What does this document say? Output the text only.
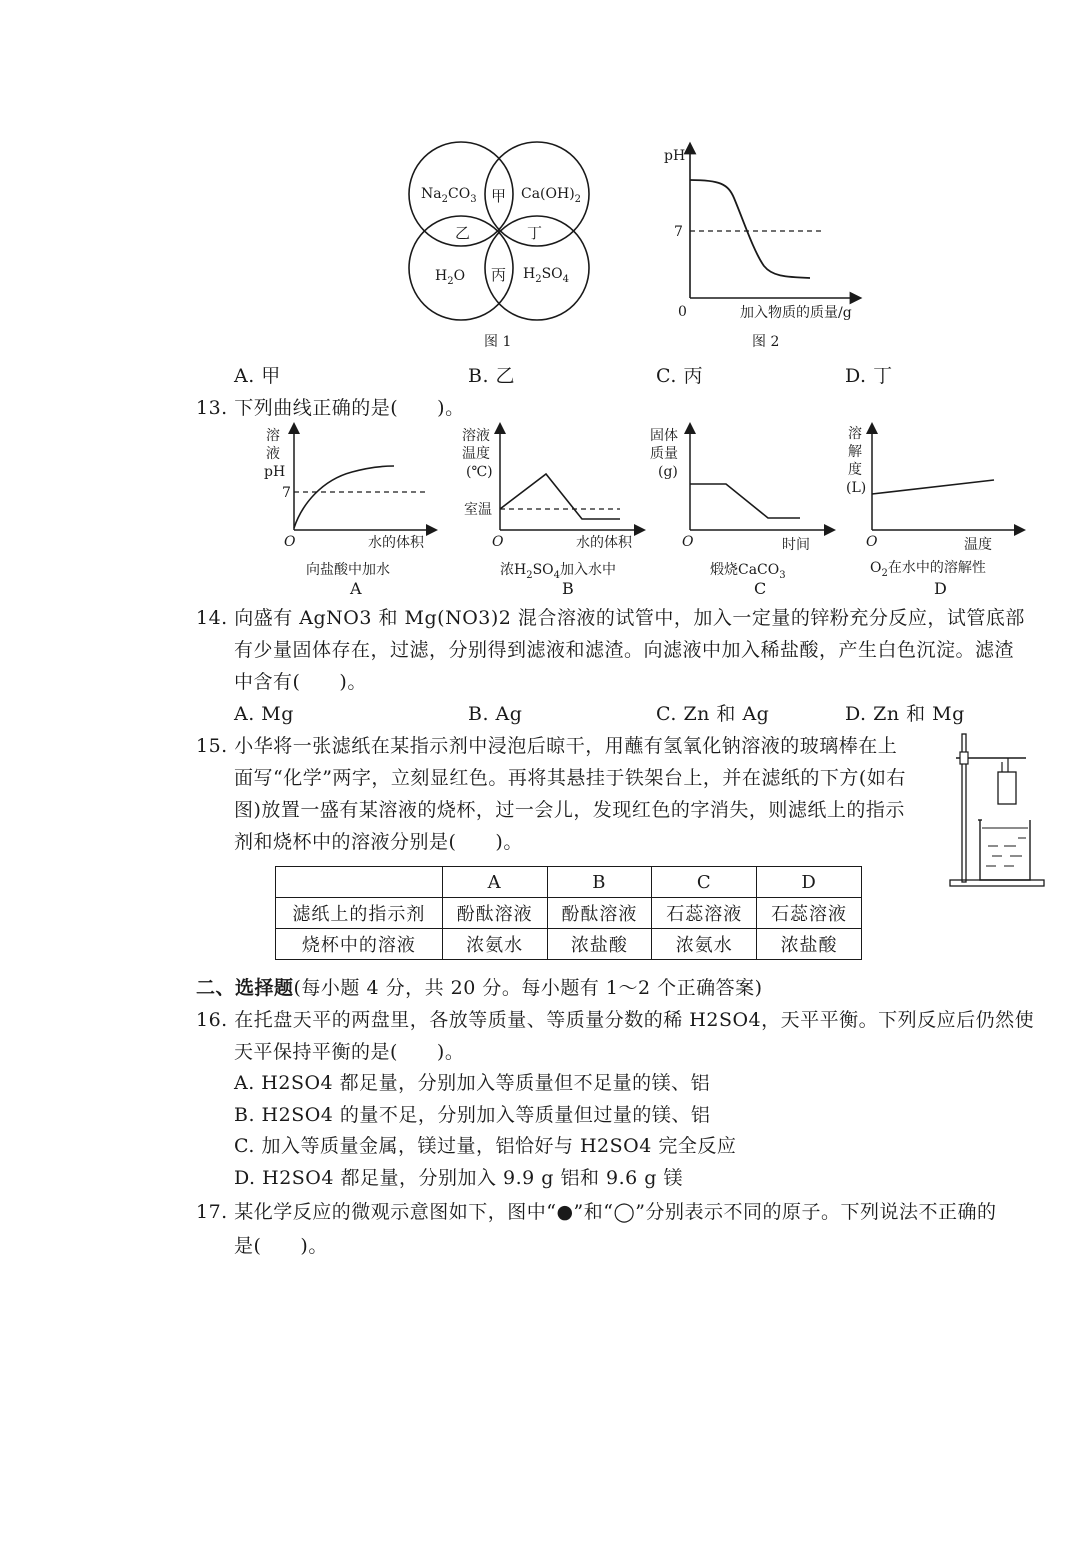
$Na_2CO_3$	$Ca(OH)_2$
$H_2O$	$H_2SO_4$
甲
乙
丙
丁
图 1
pH
7
0	加入物质的质量/g
图 2
A. 甲	B. 乙	C. 丙	D. 丁
13. 下列曲线正确的是(　　)。
溶
液
pH
7
O	水的体积
向盐酸中加水
A
溶液
温度
(℃)
室温
O	水的体积
浓$H_2SO_4$加入水中
B
固体
质量
(g)
O	时间
煅烧CaCO$_3$
C
溶
解
度
(L)
O	温度
$O_2$在水中的溶解性
D
14. 向盛有 AgNO3 和 Mg(NO3)2 混合溶液的试管中，加入一定量的锌粉充分反应，试管底部
有少量固体存在，过滤，分别得到滤液和滤渣。向滤液中加入稀盐酸，产生白色沉淀。滤渣
中含有(　　)。
A. Mg	B. Ag	C. Zn 和 Ag	D. Zn 和 Mg
15. 小华将一张滤纸在某指示剂中浸泡后晾干，用蘸有氢氧化钠溶液的玻璃棒在上
面写“化学”两字，立刻显红色。再将其悬挂于铁架台上，并在滤纸的下方(如右
图)放置一盛有某溶液的烧杯，过一会儿，发现红色的字消失，则滤纸上的指示
剂和烧杯中的溶液分别是(　　)。
	A	B	C	D
滤纸上的指示剂	酚酞溶液	酚酞溶液	石蕊溶液	石蕊溶液
烧杯中的溶液	浓氨水	浓盐酸	浓氨水	浓盐酸
二、选择题(每小题 4 分，共 20 分。每小题有 1～2 个正确答案)
16. 在托盘天平的两盘里，各放等质量、等质量分数的稀 H2SO4，天平平衡。下列反应后仍然使
天平保持平衡的是(　　)。
A. H2SO4 都足量，分别加入等质量但不足量的镁、铝
B. H2SO4 的量不足，分别加入等质量但过量的镁、铝
C. 加入等质量金属，镁过量，铝恰好与 H2SO4 完全反应
D. H2SO4 都足量，分别加入 9.9 g 铝和 9.6 g 镁
17. 某化学反应的微观示意图如下，图中“●”和“◯”分别表示不同的原子。下列说法不正确的
是(　　)。
